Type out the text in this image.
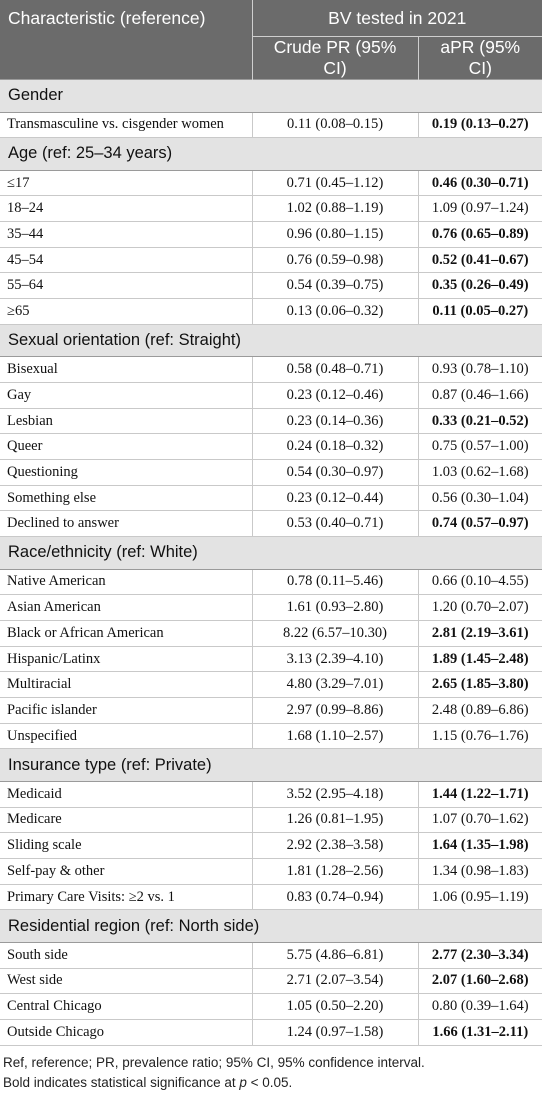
Characteristic (reference)	BV tested in 2021	
	Crude PR (95% CI)	aPR (95% CI)
Gender		
Transmasculine vs. cisgender women	0.11 (0.08–0.15)	0.19 (0.13–0.27)
Age (ref: 25–34 years)		
≤17	0.71 (0.45–1.12)	0.46 (0.30–0.71)
18–24	1.02 (0.88–1.19)	1.09 (0.97–1.24)
35–44	0.96 (0.80–1.15)	0.76 (0.65–0.89)
45–54	0.76 (0.59–0.98)	0.52 (0.41–0.67)
55–64	0.54 (0.39–0.75)	0.35 (0.26–0.49)
≥65	0.13 (0.06–0.32)	0.11 (0.05–0.27)
Sexual orientation (ref: Straight)		
Bisexual	0.58 (0.48–0.71)	0.93 (0.78–1.10)
Gay	0.23 (0.12–0.46)	0.87 (0.46–1.66)
Lesbian	0.23 (0.14–0.36)	0.33 (0.21–0.52)
Queer	0.24 (0.18–0.32)	0.75 (0.57–1.00)
Questioning	0.54 (0.30–0.97)	1.03 (0.62–1.68)
Something else	0.23 (0.12–0.44)	0.56 (0.30–1.04)
Declined to answer	0.53 (0.40–0.71)	0.74 (0.57–0.97)
Race/ethnicity (ref: White)		
Native American	0.78 (0.11–5.46)	0.66 (0.10–4.55)
Asian American	1.61 (0.93–2.80)	1.20 (0.70–2.07)
Black or African American	8.22 (6.57–10.30)	2.81 (2.19–3.61)
Hispanic/Latinx	3.13 (2.39–4.10)	1.89 (1.45–2.48)
Multiracial	4.80 (3.29–7.01)	2.65 (1.85–3.80)
Pacific islander	2.97 (0.99–8.86)	2.48 (0.89–6.86)
Unspecified	1.68 (1.10–2.57)	1.15 (0.76–1.76)
Insurance type (ref: Private)		
Medicaid	3.52 (2.95–4.18)	1.44 (1.22–1.71)
Medicare	1.26 (0.81–1.95)	1.07 (0.70–1.62)
Sliding scale	2.92 (2.38–3.58)	1.64 (1.35–1.98)
Self-pay & other	1.81 (1.28–2.56)	1.34 (0.98–1.83)
Primary Care Visits: ≥2 vs. 1	0.83 (0.74–0.94)	1.06 (0.95–1.19)
Residential region (ref: North side)		
South side	5.75 (4.86–6.81)	2.77 (2.30–3.34)
West side	2.71 (2.07–3.54)	2.07 (1.60–2.68)
Central Chicago	1.05 (0.50–2.20)	0.80 (0.39–1.64)
Outside Chicago	1.24 (0.97–1.58)	1.66 (1.31–2.11)
Ref, reference; PR, prevalence ratio; 95% CI, 95% confidence interval.
Bold indicates statistical significance at p < 0.05.
